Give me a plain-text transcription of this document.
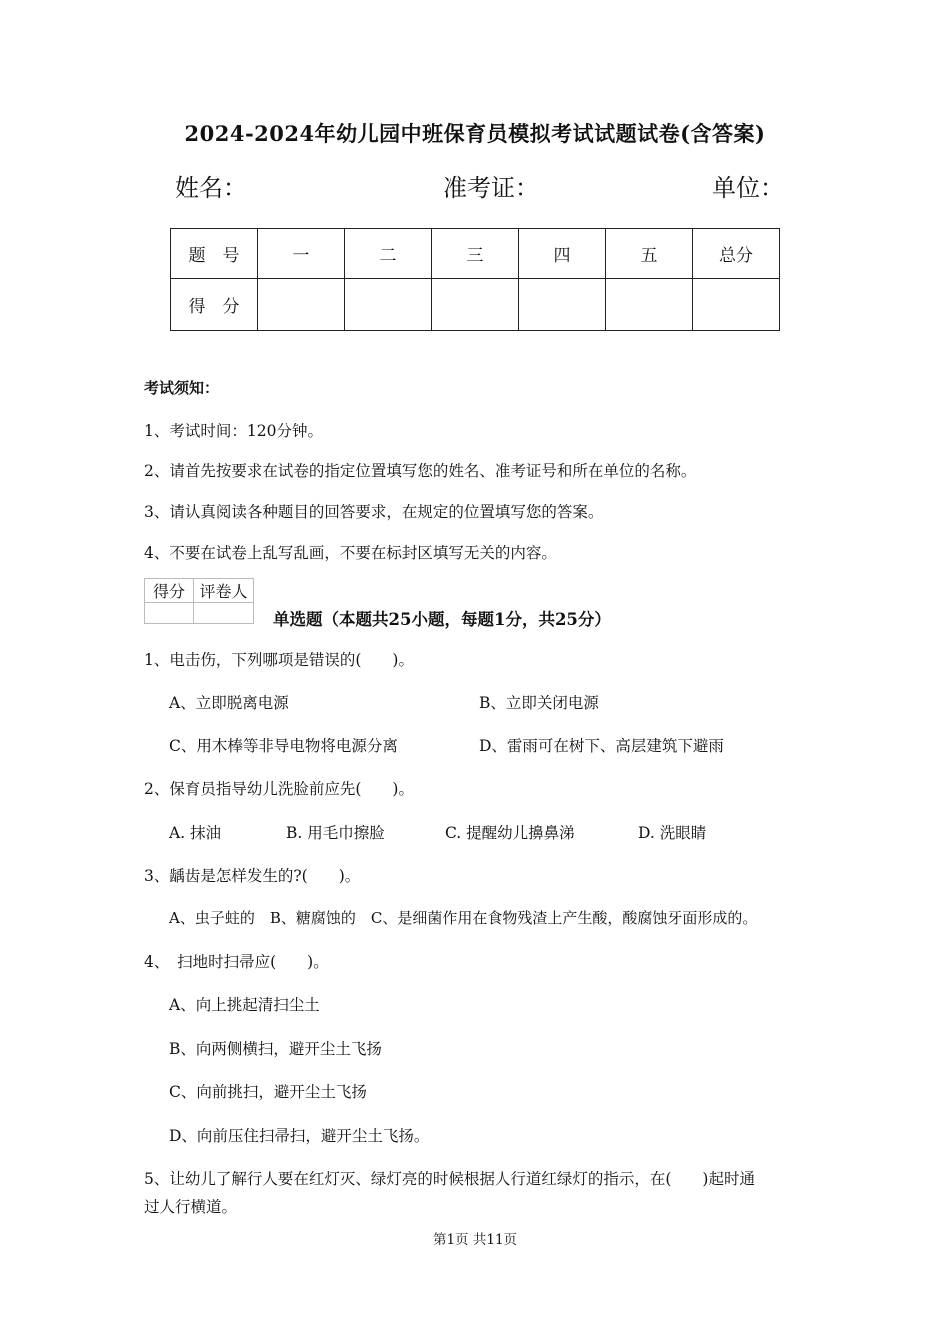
2024-2024年幼儿园中班保育员模拟考试试题试卷(含答案)
姓名：	准考证：	单位：
题　号	一	二	三	四	五	总分
得　分						
考试须知：
1、考试时间：120分钟。
2、请首先按要求在试卷的指定位置填写您的姓名、准考证号和所在单位的名称。
3、请认真阅读各种题目的回答要求，在规定的位置填写您的答案。
4、不要在试卷上乱写乱画，不要在标封区填写无关的内容。
得分	评卷人

单选题（本题共25小题，每题1分，共25分）
1、电击伤，下列哪项是错误的(　　)。
A、立即脱离电源	B、立即关闭电源
C、用木棒等非导电物将电源分离	D、雷雨可在树下、高层建筑下避雨
2、保育员指导幼儿洗脸前应先(　　)。
A. 抹油	B. 用毛巾擦脸	C. 提醒幼儿擤鼻涕	D. 洗眼睛
3、龋齿是怎样发生的?(　　)。
A、虫子蛀的　B、糖腐蚀的　C、是细菌作用在食物残渣上产生酸，酸腐蚀牙面形成的。
4、　扫地时扫帚应(　　)。
A、向上挑起清扫尘土
B、向两侧横扫，避开尘土飞扬
C、向前挑扫，避开尘土飞扬
D、向前压住扫帚扫，避开尘土飞扬。
5、让幼儿了解行人要在红灯灭、绿灯亮的时候根据人行道红绿灯的指示，在(　　)起时通
过人行横道。
第1页 共11页
